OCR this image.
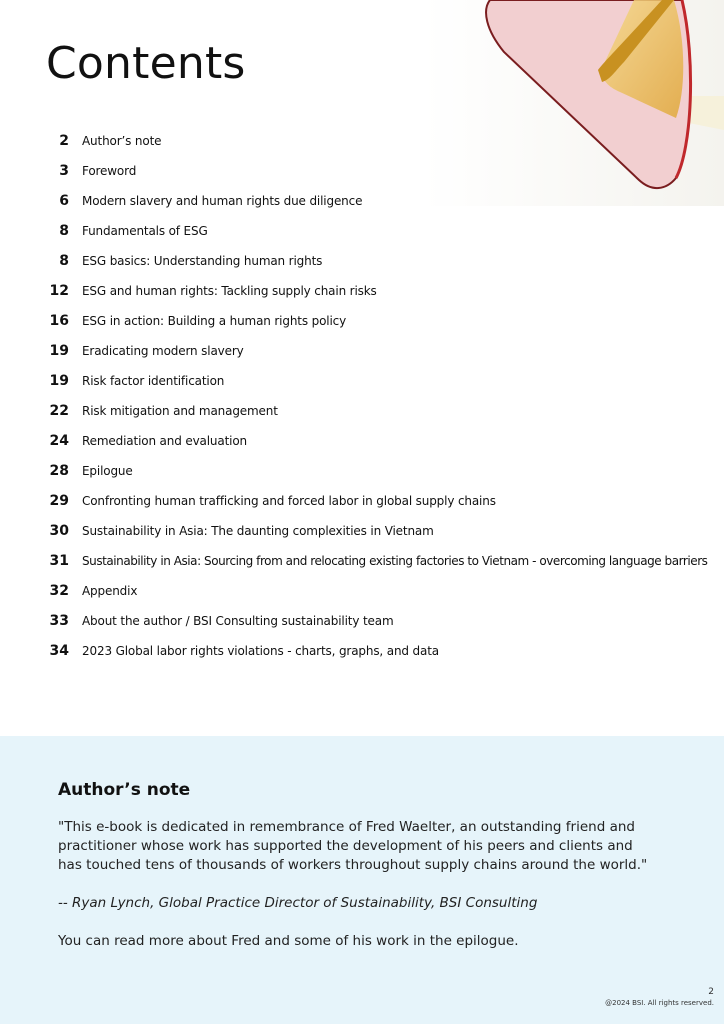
Contents
2 Author’s note
3 Foreword
6 Modern slavery and human rights due diligence
8 Fundamentals of ESG
8 ESG basics: Understanding human rights
12 ESG and human rights: Tackling supply chain risks
16 ESG in action: Building a human rights policy
19 Eradicating modern slavery
19 Risk factor identification
22 Risk mitigation and management
24 Remediation and evaluation
28 Epilogue
29 Confronting human trafficking and forced labor in global supply chains
30 Sustainability in Asia: The daunting complexities in Vietnam
31 Sustainability in Asia: Sourcing from and relocating existing factories to Vietnam - overcoming language barriers
32 Appendix
33 About the author / BSI Consulting sustainability team
34 2023 Global labor rights violations - charts, graphs, and data
Author’s note
"This e-book is dedicated in remembrance of Fred Waelter, an outstanding friend and practitioner whose work has supported the development of his peers and clients and has touched tens of thousands of workers throughout supply chains around the world."
-- Ryan Lynch, Global Practice Director of Sustainability, BSI Consulting
You can read more about Fred and some of his work in the epilogue.
2
@2024 BSI. All rights reserved.
